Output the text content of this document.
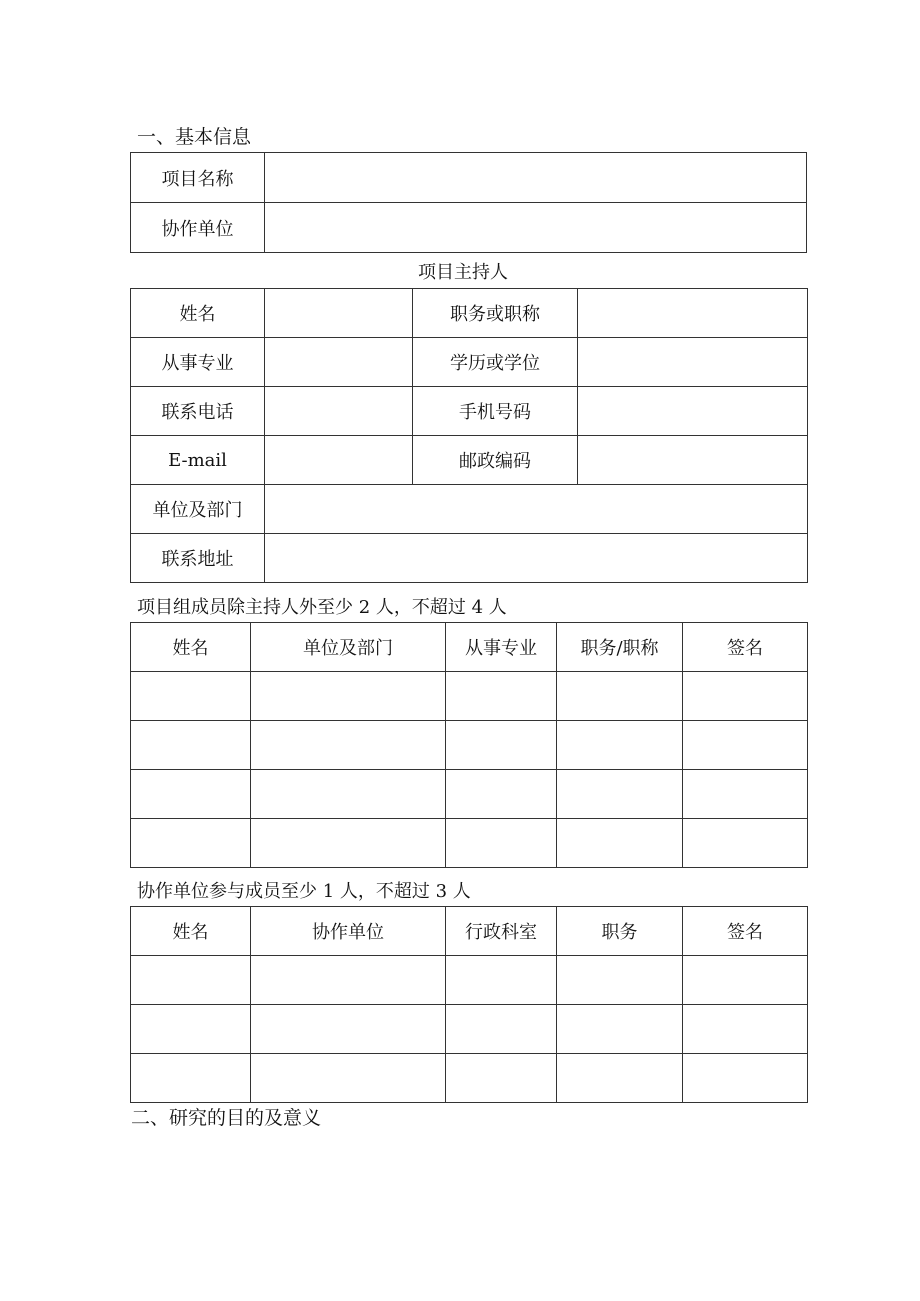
一、基本信息
项目名称	
协作单位	
项目主持人
姓名		职务或职称	
从事专业		学历或学位	
联系电话		手机号码	
E-mail		邮政编码	
单位及部门			
联系地址			
项目组成员除主持人外至少 2 人，不超过 4 人
姓名	单位及部门	从事专业	职务/职称	签名

协作单位参与成员至少 1 人，不超过 3 人
姓名	协作单位	行政科室	职务	签名

二、研究的目的及意义
